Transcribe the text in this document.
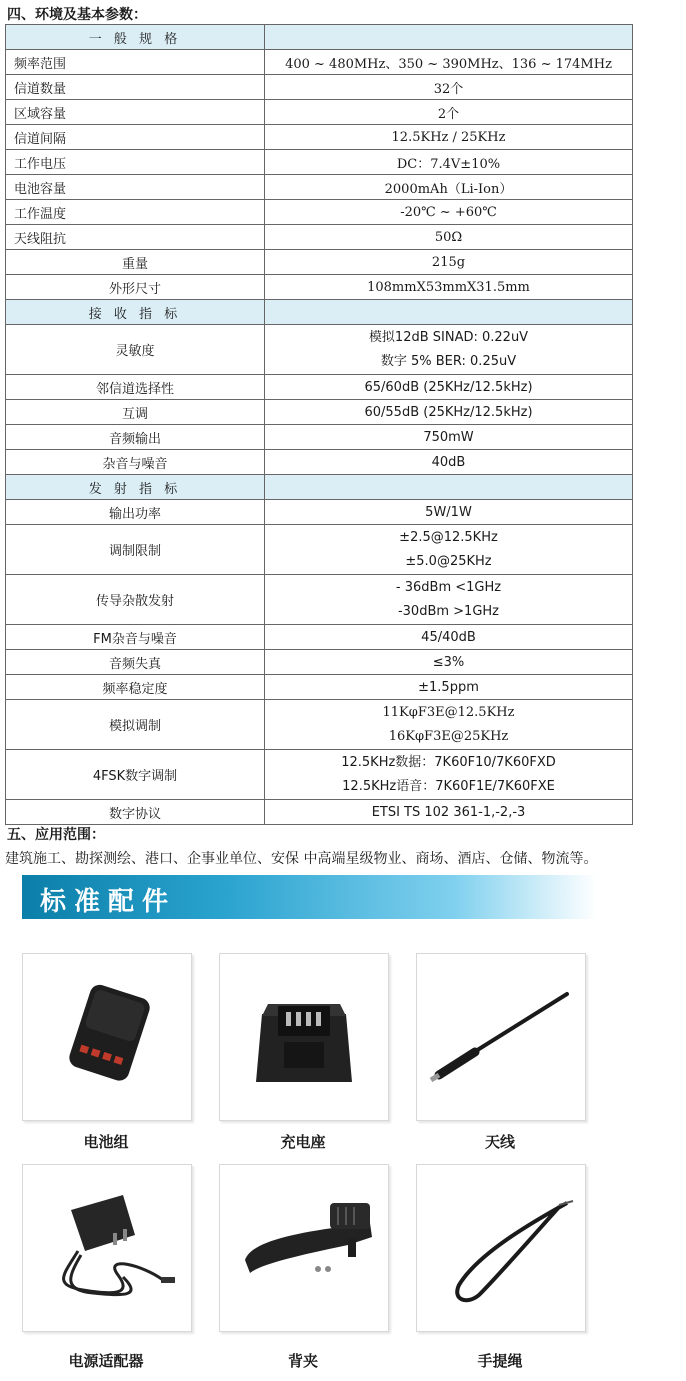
四、环境及基本参数：
一 般 规 格	
频率范围	400 ~ 480MHz、350 ~ 390MHz、136 ~ 174MHz
信道数量	32个
区域容量	2个
信道间隔	12.5KHz / 25KHz
工作电压	DC：7.4V±10%
电池容量	2000mAh（Li-Ion）
工作温度	-20℃ ~ +60℃
天线阻抗	50Ω
重量	215g
外形尺寸	108mmX53mmX31.5mm
接 收 指 标	
灵敏度	模拟12dB SINAD: 0.22uV
数字 5% BER: 0.25uV

邻信道选择性	65/60dB (25KHz/12.5kHz)
互调	60/55dB (25KHz/12.5kHz)
音频输出	750mW
杂音与噪音	40dB
发 射 指 标	
输出功率	5W/1W
调制限制	±2.5@12.5KHz
±5.0@25KHz

传导杂散发射	- 36dBm <1GHz
-30dBm >1GHz

FM杂音与噪音	45/40dB
音频失真	≤3%
频率稳定度	±1.5ppm
模拟调制	11KφF3E@12.5KHz
16KφF3E@25KHz

4FSK数字调制	12.5KHz数据：7K60F10/7K60FXD
12.5KHz语音：7K60F1E/7K60FXE

数字协议	ETSI TS 102 361-1,-2,-3
五、应用范围：
建筑施工、勘探测绘、港口、企事业单位、安保 中高端星级物业、商场、酒店、仓储、物流等。
标准配件
电池组	充电座	天线
电源适配器	背夹	手提绳
